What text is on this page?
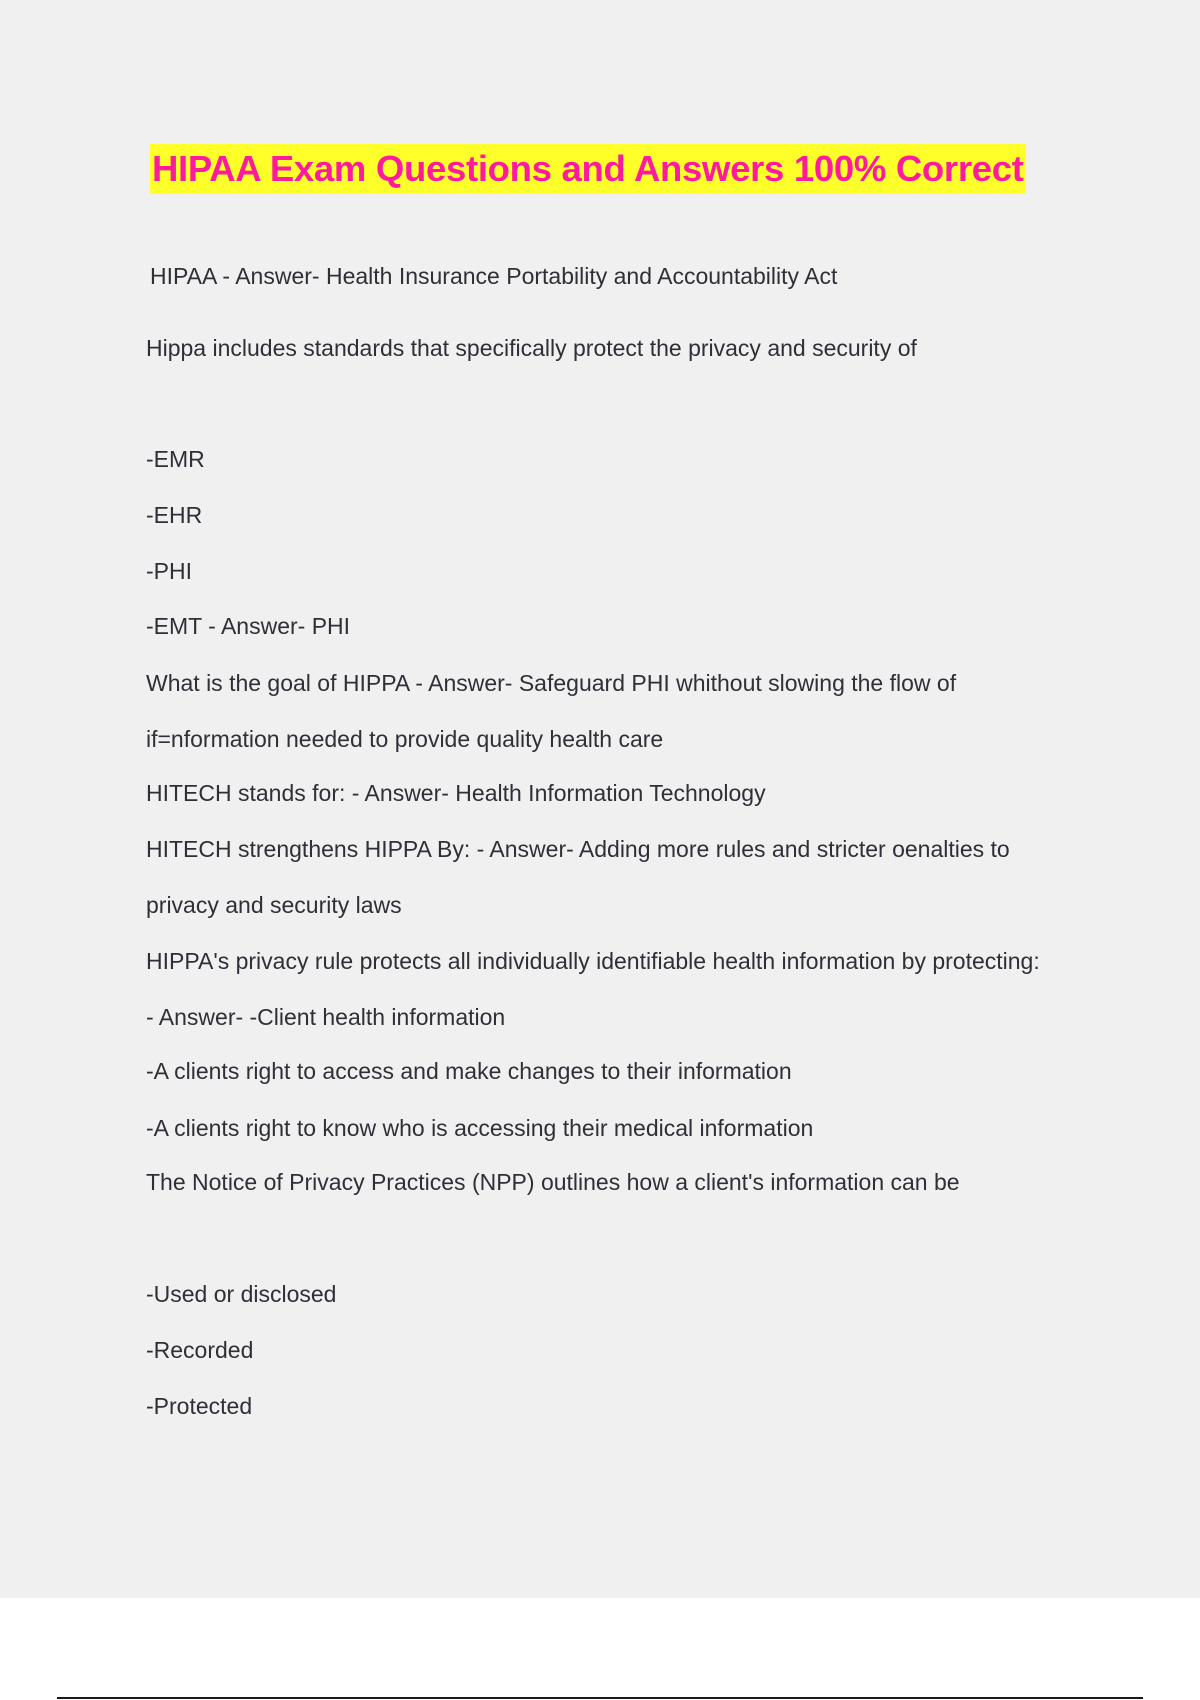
HIPAA Exam Questions and Answers 100% Correct
HIPAA - Answer- Health Insurance Portability and Accountability Act
Hippa includes standards that specifically protect the privacy and security of
-EMR
-EHR
-PHI
-EMT - Answer- PHI
What is the goal of HIPPA - Answer- Safeguard PHI whithout slowing the flow of
if=nformation needed to provide quality health care
HITECH stands for: - Answer- Health Information Technology
HITECH strengthens HIPPA By: - Answer- Adding more rules and stricter oenalties to
privacy and security laws
HIPPA's privacy rule protects all individually identifiable health information by protecting:
- Answer- -Client health information
-A clients right to access and make changes to their information
-A clients right to know who is accessing their medical information
The Notice of Privacy Practices (NPP) outlines how a client's information can be
-Used or disclosed
-Recorded
-Protected
